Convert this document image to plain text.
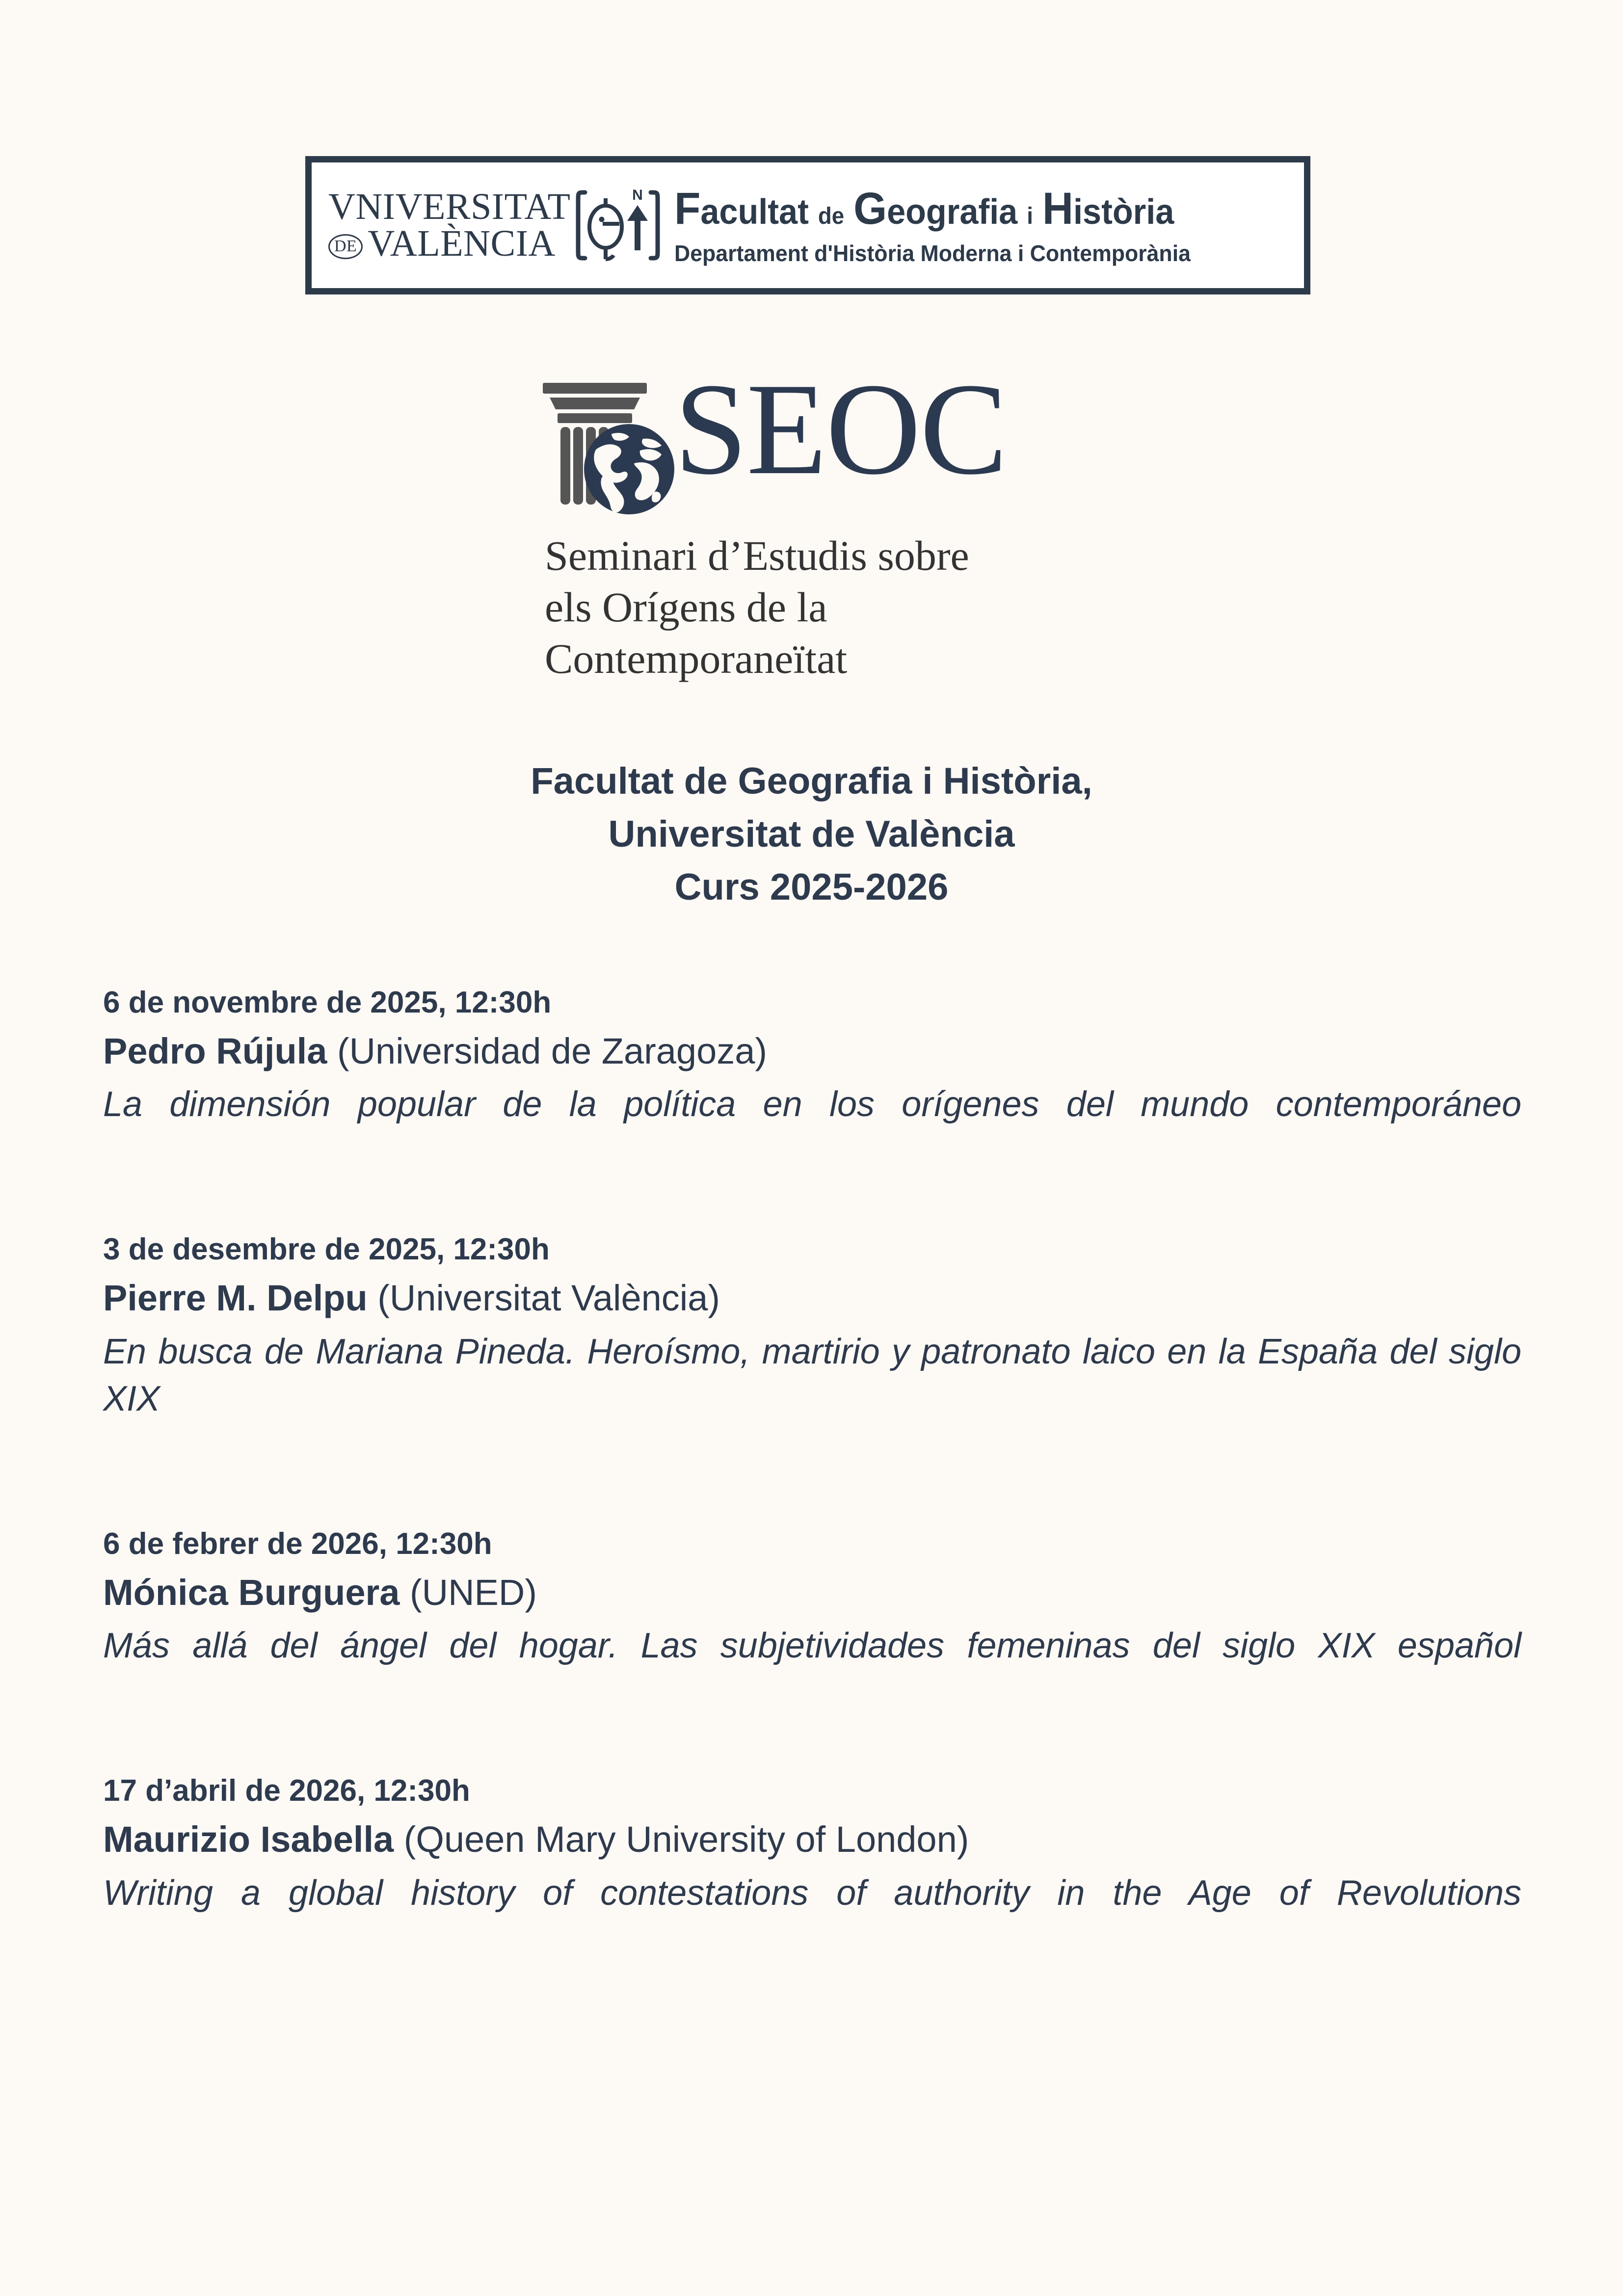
VNIVERSITAT
DE VALÈNCIA
N Facultat de Geografia i Història
Departament d'Història Moderna i Contemporània
SEOC
Seminari d’Estudis sobre
els Orígens de la
Contemporaneïtat
Facultat de Geografia i Història,
Universitat de València
Curs 2025-2026
6 de novembre de 2025, 12:30h
Pedro Rújula (Universidad de Zaragoza)
La dimensión popular de la política en los orígenes del mundo contemporáneo
3 de desembre de 2025, 12:30h
Pierre M. Delpu (Universitat València)
En busca de Mariana Pineda. Heroísmo, martirio y patronato laico en la España del siglo XIX
6 de febrer de 2026, 12:30h
Mónica Burguera (UNED)
Más allá del ángel del hogar. Las subjetividades femeninas del siglo XIX español
17 d’abril de 2026, 12:30h
Maurizio Isabella (Queen Mary University of London)
Writing a global history of contestations of authority in the Age of Revolutions
